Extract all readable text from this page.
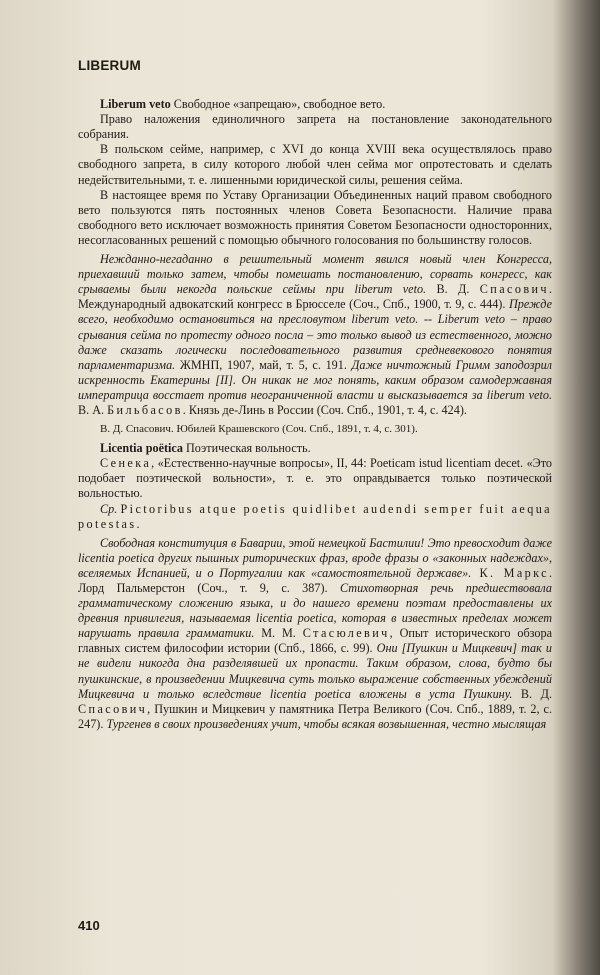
LIBERUM

Liberum veto Свободное «запрещаю», свободное вето.

Право наложения единоличного запрета на постановление законодательного собрания.

В польском сейме, например, с XVI до конца XVIII века осуществлялось право свободного запрета, в силу которого любой член сейма мог опротестовать и сделать недействительными, т. е. лишенными юридической силы, решения сейма.

В настоящее время по Уставу Организации Объединенных наций правом свободного вето пользуются пять постоянных членов Совета Безопасности. Наличие права свободного вето исключает возможность принятия Советом Безопасности односторонних, несогласованных решений с помощью обычного голосования по большинству голосов.

Нежданно-негаданно в решительный момент явился новый член Конгресса, приехавший только затем, чтобы помешать постановлению, сорвать конгресс, как срываемы были некогда польские сеймы при liberum veto. В. Д. Спасович. Международный адвокатский конгресс в Брюсселе (Соч., Спб., 1900, т. 9, с. 444). Прежде всего, необходимо остановиться на пресловутом liberum veto. -- Liberum veto – право срывания сейма по протесту одного посла – это только вывод из естественного, можно даже сказать логически последовательного развития средневекового понятия парламентаризма. ЖМНП, 1907, май, т. 5, с. 191. Даже ничтожный Гримм заподозрил искренность Екатерины [II]. Он никак не мог понять, каким образом самодержавная императрица восстает против неограниченной власти и высказывается за liberum veto. В. А. Бильбасов. Князь де-Линь в России (Соч. Спб., 1901, т. 4, с. 424).

В. Д. Спасович. Юбилей Крашевского (Соч. Спб., 1891, т. 4, с. 301).

Licentia poëtica Поэтическая вольность.

Сенека, «Естественно-научные вопросы», II, 44: Poeticam istud licentiam decet. «Это подобает поэтической вольности», т. е. это оправдывается только поэтической вольностью.

Ср. Pictoribus atque poetis quidlibet audendi semper fuit aequa potestas.

Свободная конституция в Баварии, этой немецкой Бастилии! Это превосходит даже licentia poetica других пышных риторических фраз, вроде фразы о «законных надеждах», вселяемых Испанией, и о Португалии как «самостоятельной державе». К. Маркс. Лорд Пальмерстон (Соч., т. 9, с. 387). Стихотворная речь предшествовала грамматическому сложению языка, и до нашего времени поэтам предоставлены их древния привилегия, называемая licentia poetica, которая в известных пределах может нарушать правила грамматики. М. М. Стасюлевич, Опыт исторического обзора главных систем философии истории (Спб., 1866, с. 99). Они [Пушкин и Мицкевич] так и не видели никогда дна разделявшей их пропасти. Таким образом, слова, будто бы пушкинские, в произведении Мицкевича суть только выражение собственных убеждений Мицкевича и только вследствие licentia poetica вложены в уста Пушкину. В. Д. Спасович, Пушкин и Мицкевич у памятника Петра Великого (Соч. Спб., 1889, т. 2, с. 247). Тургенев в своих произведениях учит, чтобы всякая возвышенная, честно мыслящая

410
